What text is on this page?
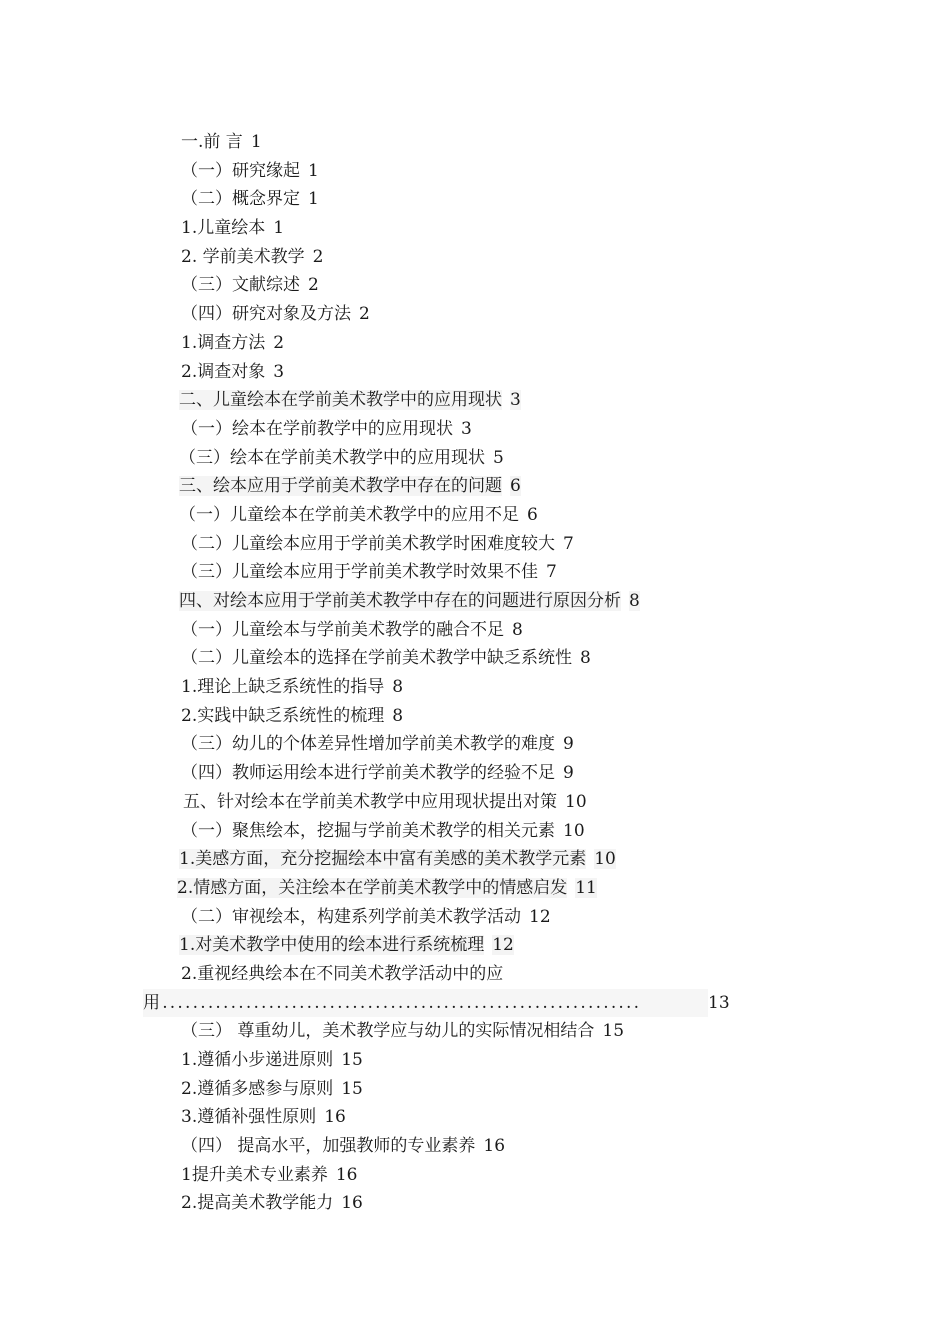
一.前 言 1
（一）研究缘起 1
（二）概念界定 1
1.儿童绘本 1
2. 学前美术教学 2
（三）文献综述 2
（四）研究对象及方法 2
1.调查方法 2
2.调查对象 3
二、儿童绘本在学前美术教学中的应用现状 3
（一）绘本在学前教学中的应用现状 3
（三）绘本在学前美术教学中的应用现状 5
三、绘本应用于学前美术教学中存在的问题 6
（一）儿童绘本在学前美术教学中的应用不足 6
（二）儿童绘本应用于学前美术教学时困难度较大 7
（三）儿童绘本应用于学前美术教学时效果不佳 7
四、对绘本应用于学前美术教学中存在的问题进行原因分析 8
（一）儿童绘本与学前美术教学的融合不足 8
（二）儿童绘本的选择在学前美术教学中缺乏系统性 8
1.理论上缺乏系统性的指导 8
2.实践中缺乏系统性的梳理 8
（三）幼儿的个体差异性增加学前美术教学的难度 9
（四）教师运用绘本进行学前美术教学的经验不足 9
五、针对绘本在学前美术教学中应用现状提出对策 10
（一）聚焦绘本，挖掘与学前美术教学的相关元素 10
1.美感方面，充分挖掘绘本中富有美感的美术教学元素 10
2.情感方面，关注绘本在学前美术教学中的情感启发 11
（二）审视绘本，构建系列学前美术教学活动 12
1.对美术教学中使用的绘本进行系统梳理 12
2.重视经典绘本在不同美术教学活动中的应
用...............................................................	13
（三） 尊重幼儿，美术教学应与幼儿的实际情况相结合 15
1.遵循小步递进原则 15
2.遵循多感参与原则 15
3.遵循补强性原则 16
（四） 提高水平，加强教师的专业素养 16
1提升美术专业素养 16
2.提高美术教学能力 16
